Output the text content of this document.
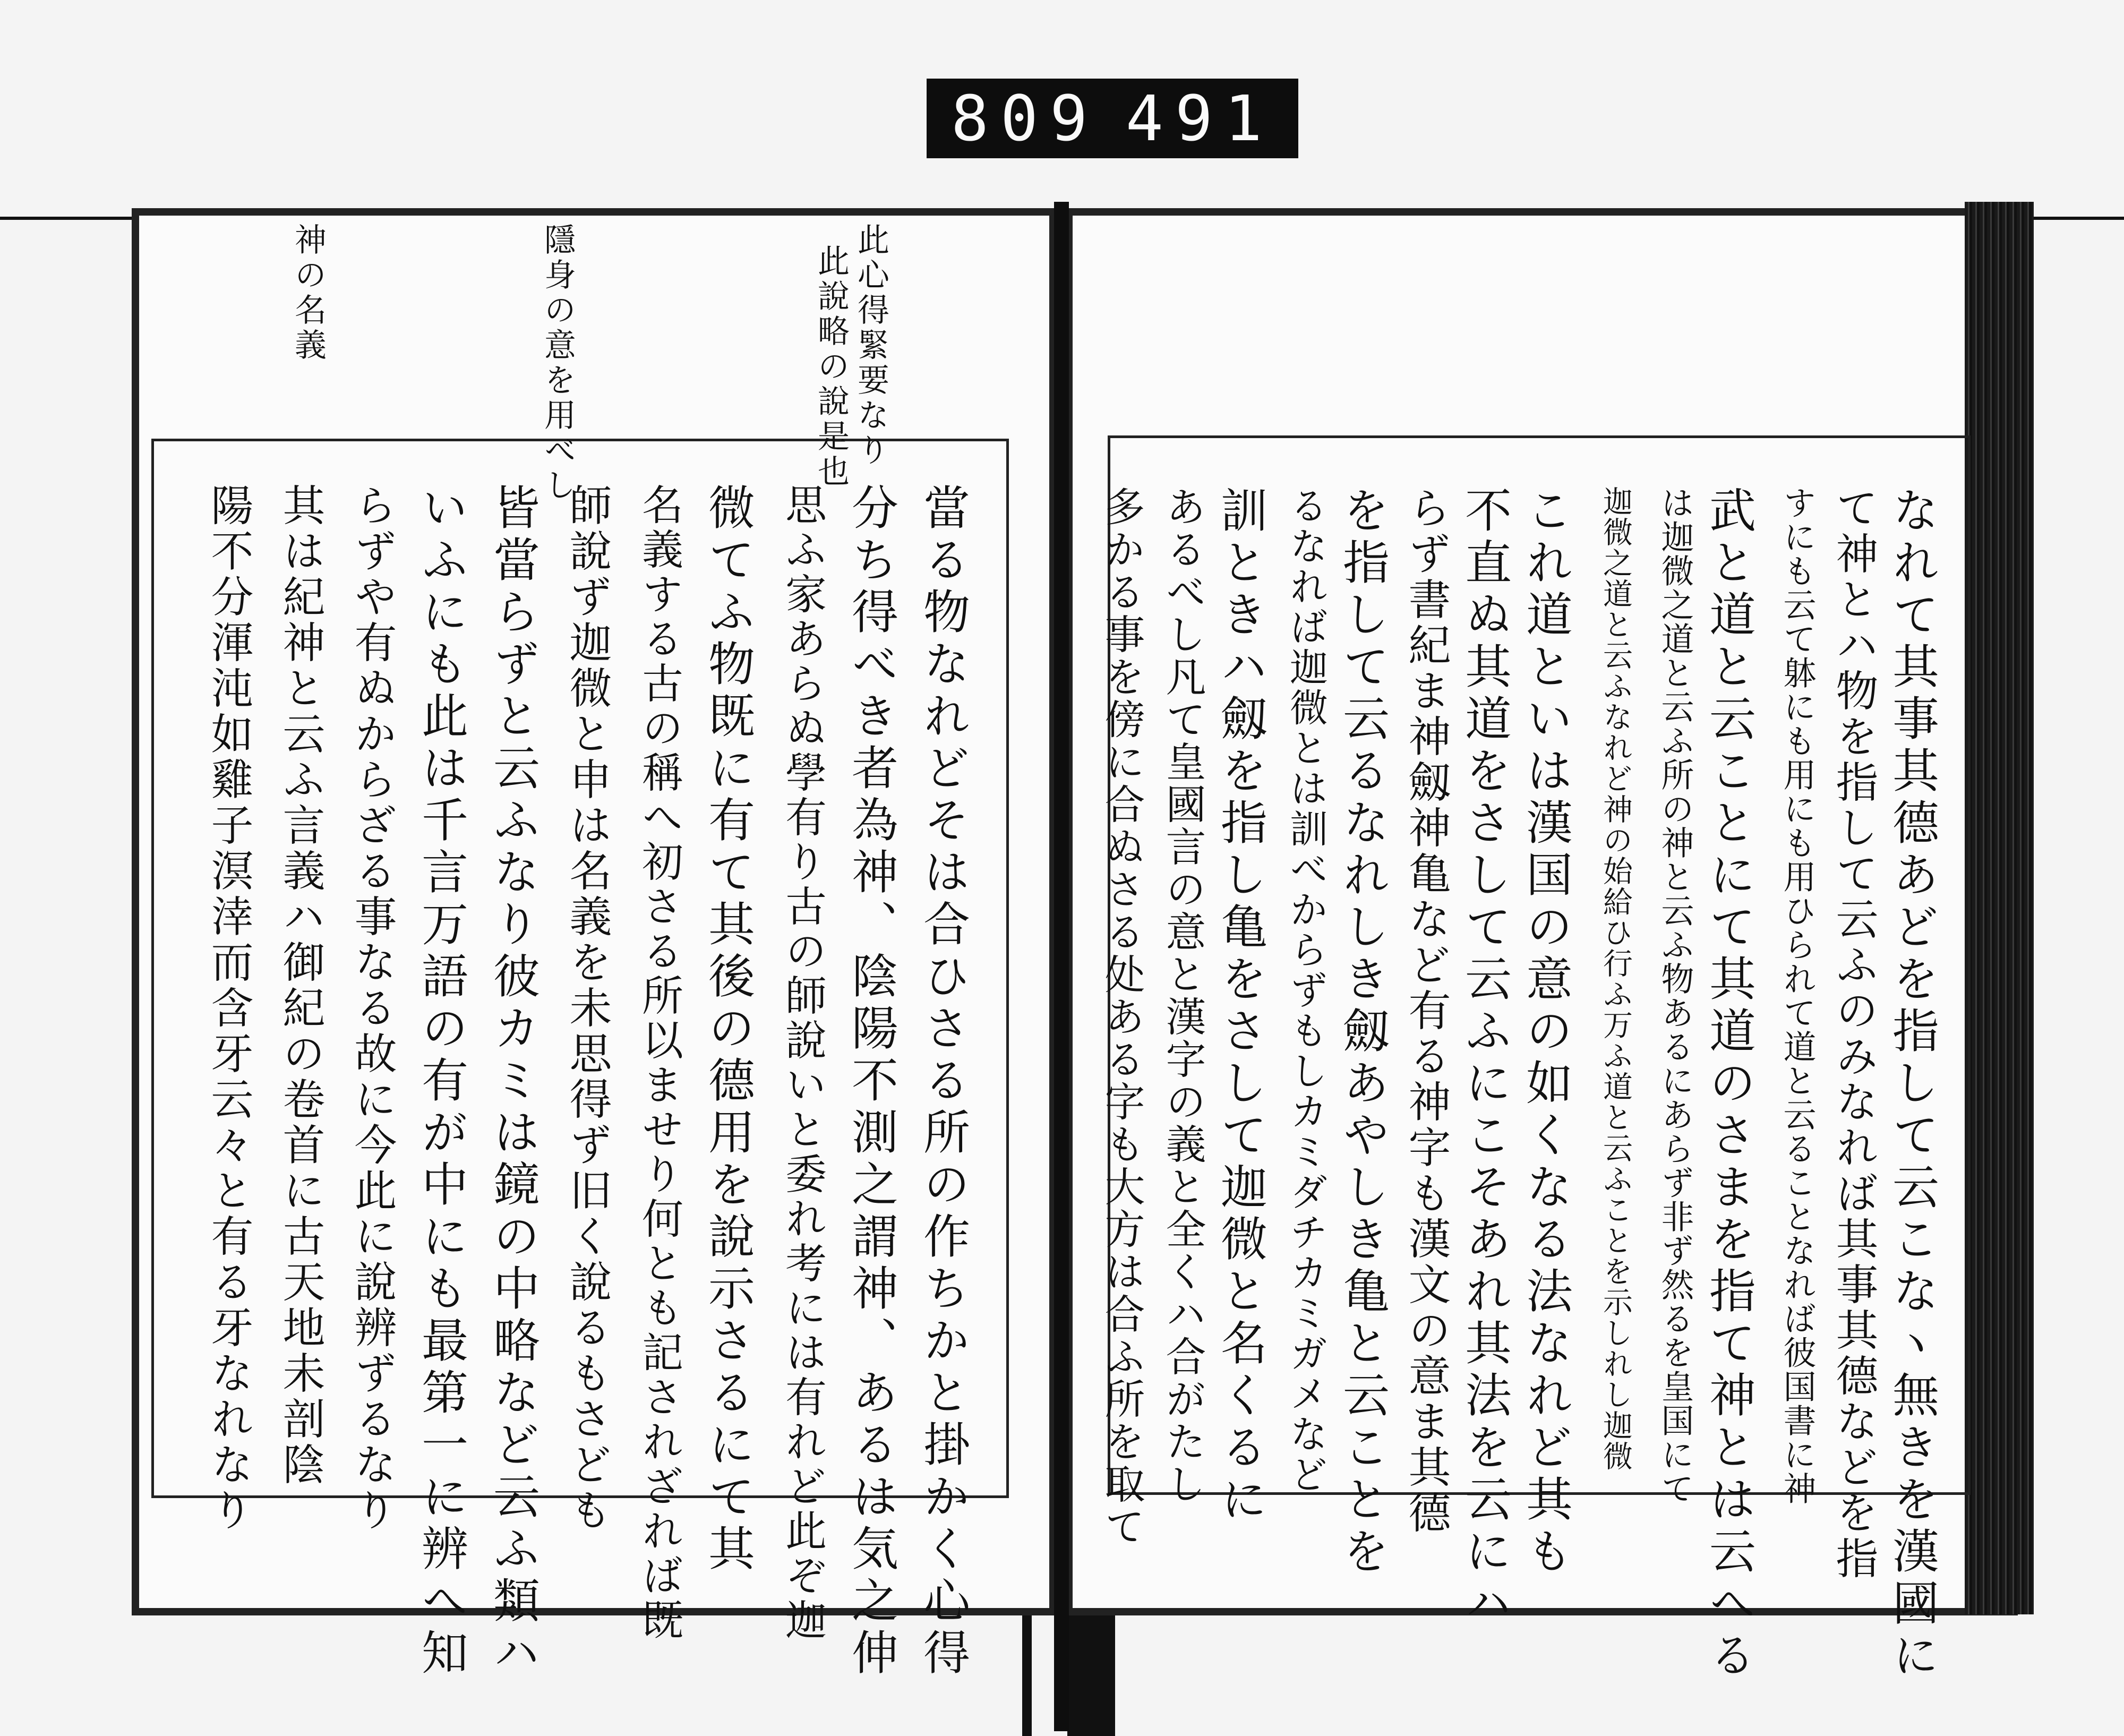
809 491
此心得緊要なり
此說略の說是也
隱身の意を用べし
神の名義
當る物なれどそは合ひさる所の作ちかと掛かく心得
分ち得べき者為神、陰陽不測之謂神、あるは気之伸
思ふ家あらぬ學有り古の師說いと委れ考には有れど此ぞ迦
微てふ物既に有て其後の德用を說示さるにて其
名義する古の稱へ初さる所以ませり何とも記されざれば既
師說ず迦微と申は名義を未思得ず旧く說るもさども
皆當らずと云ふなり彼カミは鏡の中略など云ふ類ハ
いふにも此は千言万語の有が中にも最第一に辨へ知
らずや有ぬからざる事なる故に今此に說辨ずるなり
其は紀神と云ふ言義ハ御紀の卷首に古天地未剖陰
陽不分渾沌如雞子溟涬而含牙云々と有る牙なれなり	なれて其事其德あどを指して云こなヽ無きを漢國に
て神とハ物を指して云ふのみなれば其事其德などを指
すにも云て躰にも用にも用ひられて道と云ることなれば彼国書に神
武と道と云ことにて其道のさまを指て神とは云へる
は迦微之道と云ふ所の神と云ふ物あるにあらず非ず然るを皇国にて
迦微之道と云ふなれど神の始給ひ行ふ万ふ道と云ふことを示しれし迦微
これ道といは漢国の意の如くなる法なれど其も
不直ぬ其道をさして云ふにこそあれ其法を云にハ
らず書紀ま神劔神亀など有る神字も漢文の意ま其德
を指して云るなれしき劔あやしき亀と云ことを
るなれば迦微とは訓べからずもしカミダチカミガメなど
訓ときハ劔を指し亀をさして迦微と名くるに
あるべし凡て皇國言の意と漢字の義と全くハ合がたし
多かる事を傍に合ぬさる处ある字も大方は合ふ所を取て
